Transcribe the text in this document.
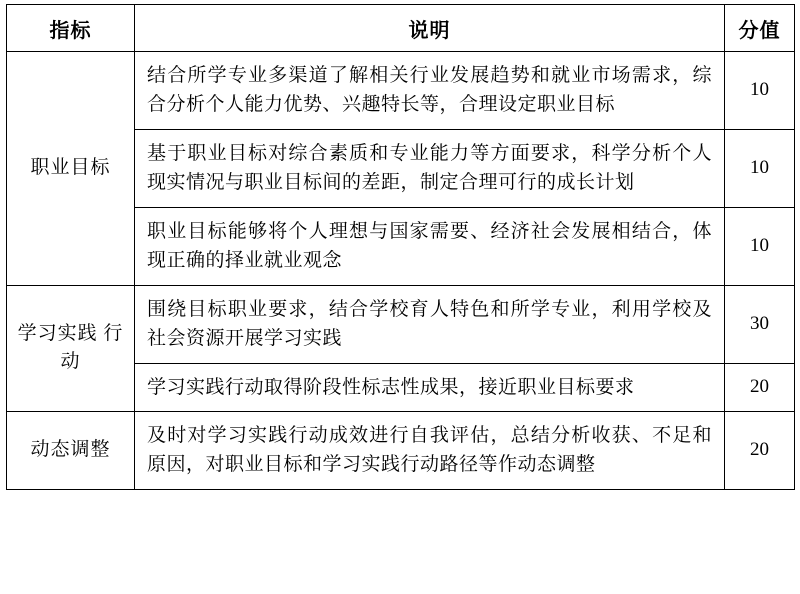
指标	说明	分值
职业目标	结合所学专业多渠道了解相关行业发展趋势和就业市场需求，综合分析个人能力优势、兴趣特长等，合理设定职业目标	10
	基于职业目标对综合素质和专业能力等方面要求，科学分析个人现实情况与职业目标间的差距，制定合理可行的成长计划	10
	职业目标能够将个人理想与国家需要、经济社会发展相结合，体现正确的择业就业观念	10
学习实践 行动	围绕目标职业要求，结合学校育人特色和所学专业，利用学校及社会资源开展学习实践	30
	学习实践行动取得阶段性标志性成果，接近职业目标要求	20
动态调整	及时对学习实践行动成效进行自我评估，总结分析收获、不足和原因，对职业目标和学习实践行动路径等作动态调整	20
